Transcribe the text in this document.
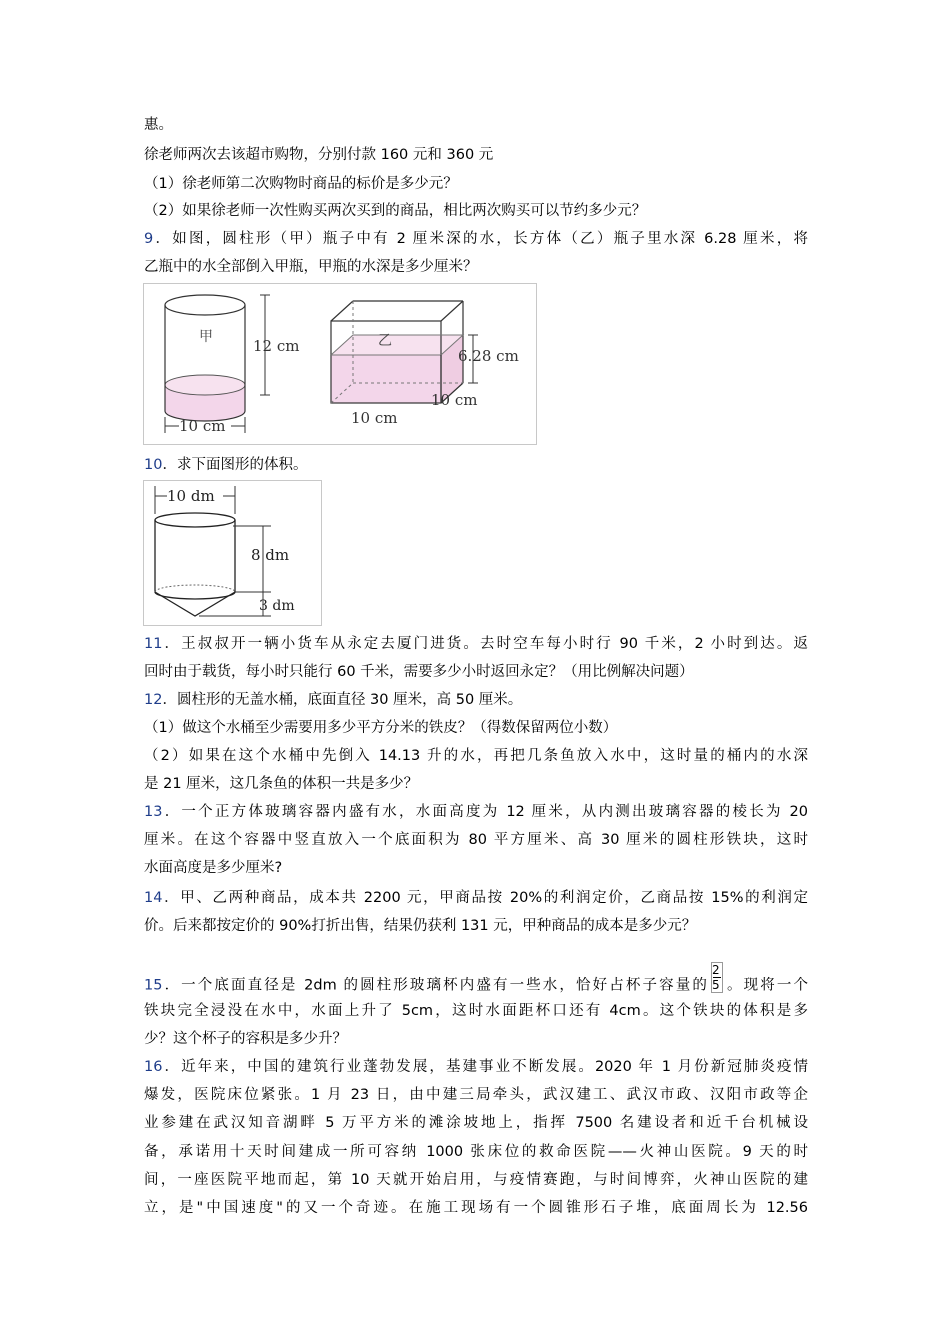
惠。
徐老师两次去该超市购物，分别付款 160 元和 360 元
（1）徐老师第二次购物时商品的标价是多少元？
（2）如果徐老师一次性购买两次买到的商品，相比两次购买可以节约多少元？
9．如图，圆柱形（甲）瓶子中有 2 厘米深的水，长方体（乙）瓶子里水深 6.28 厘米，将
乙瓶中的水全部倒入甲瓶，甲瓶的水深是多少厘米？
甲	12 cm
10 cm
乙
6.28 cm
10 cm
10 cm
10．求下面图形的体积。
10 dm
8 dm
3 dm
11．王叔叔开一辆小货车从永定去厦门进货。去时空车每小时行 90 千米，2 小时到达。返
回时由于载货，每小时只能行 60 千米，需要多少小时返回永定？（用比例解决问题）
12．圆柱形的无盖水桶，底面直径 30 厘米，高 50 厘米。
（1）做这个水桶至少需要用多少平方分米的铁皮？（得数保留两位小数）
（2）如果在这个水桶中先倒入 14.13 升的水，再把几条鱼放入水中，这时量的桶内的水深
是 21 厘米，这几条鱼的体积一共是多少？
13．一个正方体玻璃容器内盛有水，水面高度为 12 厘米，从内测出玻璃容器的棱长为 20
厘米。在这个容器中竖直放入一个底面积为 80 平方厘米、高 30 厘米的圆柱形铁块，这时
水面高度是多少厘米?
14．甲、乙两种商品，成本共 2200 元，甲商品按 20%的利润定价，乙商品按 15%的利润定
价。后来都按定价的 90%打折出售，结果仍获利 131 元，甲种商品的成本是多少元？
15．一个底面直径是 2dm 的圆柱形玻璃杯内盛有一些水，恰好占杯子容量的 $\frac{2}{5}$ 。现将一个
铁块完全浸没在水中，水面上升了 5cm，这时水面距杯口还有 4cm。这个铁块的体积是多
少？这个杯子的容积是多少升？
16．近年来，中国的建筑行业蓬勃发展，基建事业不断发展。2020 年 1 月份新冠肺炎疫情
爆发，医院床位紧张。1 月 23 日，由中建三局牵头，武汉建工、武汉市政、汉阳市政等企
业参建在武汉知音湖畔 5 万平方米的滩涂坡地上，指挥 7500 名建设者和近千台机械设
备，承诺用十天时间建成一所可容纳 1000 张床位的救命医院——火神山医院。9 天的时
间，一座医院平地而起，第 10 天就开始启用，与疫情赛跑，与时间博弈，火神山医院的建
立，是"中国速度"的又一个奇迹。在施工现场有一个圆锥形石子堆，底面周长为 12.56
